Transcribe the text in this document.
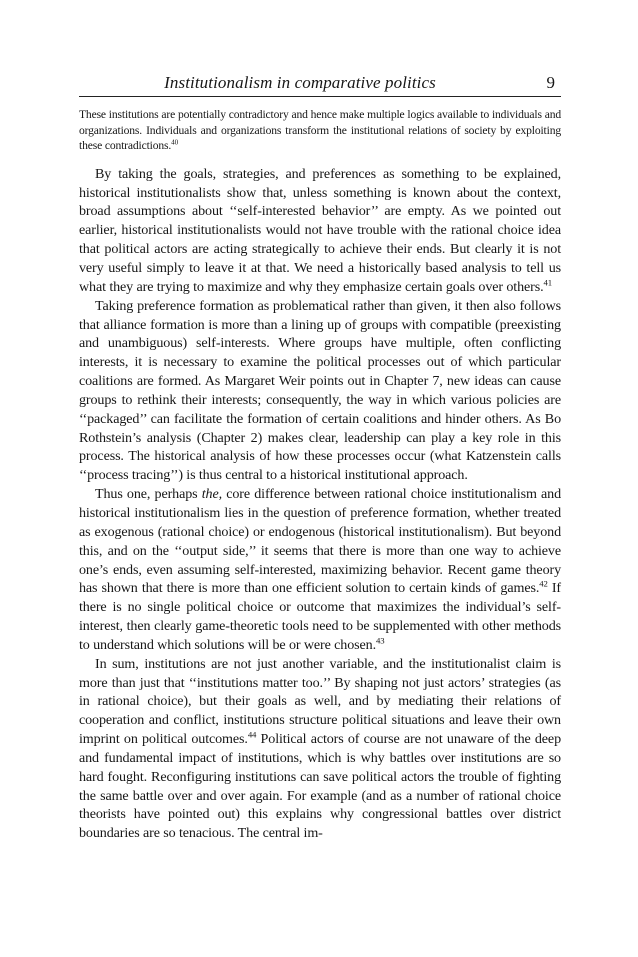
Institutionalism in comparative politics	9
These institutions are potentially contradictory and hence make multiple logics available to individuals and organizations. Individuals and organizations transform the institutional relations of society by exploiting these contradictions.$^{40}$

By taking the goals, strategies, and preferences as something to be explained, historical institutionalists show that, unless something is known about the context, broad assumptions about ‘‘self-interested behavior’’ are empty. As we pointed out earlier, historical institutionalists would not have trouble with the rational choice idea that political actors are acting strategically to achieve their ends. But clearly it is not very useful simply to leave it at that. We need a historically based analysis to tell us what they are trying to maximize and why they emphasize certain goals over others.$^{41}$

Taking preference formation as problematical rather than given, it then also follows that alliance formation is more than a lining up of groups with compatible (preexisting and unambiguous) self-interests. Where groups have multiple, often conflicting interests, it is necessary to examine the political processes out of which particular coalitions are formed. As Margaret Weir points out in Chapter 7, new ideas can cause groups to rethink their interests; consequently, the way in which various policies are ‘‘packaged’’ can facilitate the formation of certain coalitions and hinder others. As Bo Rothstein’s analysis (Chapter 2) makes clear, leadership can play a key role in this process. The historical analysis of how these processes occur (what Katzenstein calls ‘‘process tracing’’) is thus central to a historical institutional approach.

Thus one, perhaps the, core difference between rational choice institutionalism and historical institutionalism lies in the question of preference formation, whether treated as exogenous (rational choice) or endogenous (historical institutionalism). But beyond this, and on the ‘‘output side,’’ it seems that there is more than one way to achieve one’s ends, even assuming self-interested, maximizing behavior. Recent game theory has shown that there is more than one efficient solution to certain kinds of games.$^{42}$ If there is no single political choice or outcome that maximizes the individual’s self-interest, then clearly game-theoretic tools need to be supplemented with other methods to understand which solutions will be or were chosen.$^{43}$

In sum, institutions are not just another variable, and the institutionalist claim is more than just that ‘‘institutions matter too.’’ By shaping not just actors’ strategies (as in rational choice), but their goals as well, and by mediating their relations of cooperation and conflict, institutions structure political situations and leave their own imprint on political outcomes.$^{44}$ Political actors of course are not unaware of the deep and fundamental impact of institutions, which is why battles over institutions are so hard fought. Reconfiguring institutions can save political actors the trouble of fighting the same battle over and over again. For example (and as a number of rational choice theorists have pointed out) this explains why congressional battles over district boundaries are so tenacious. The central im-
